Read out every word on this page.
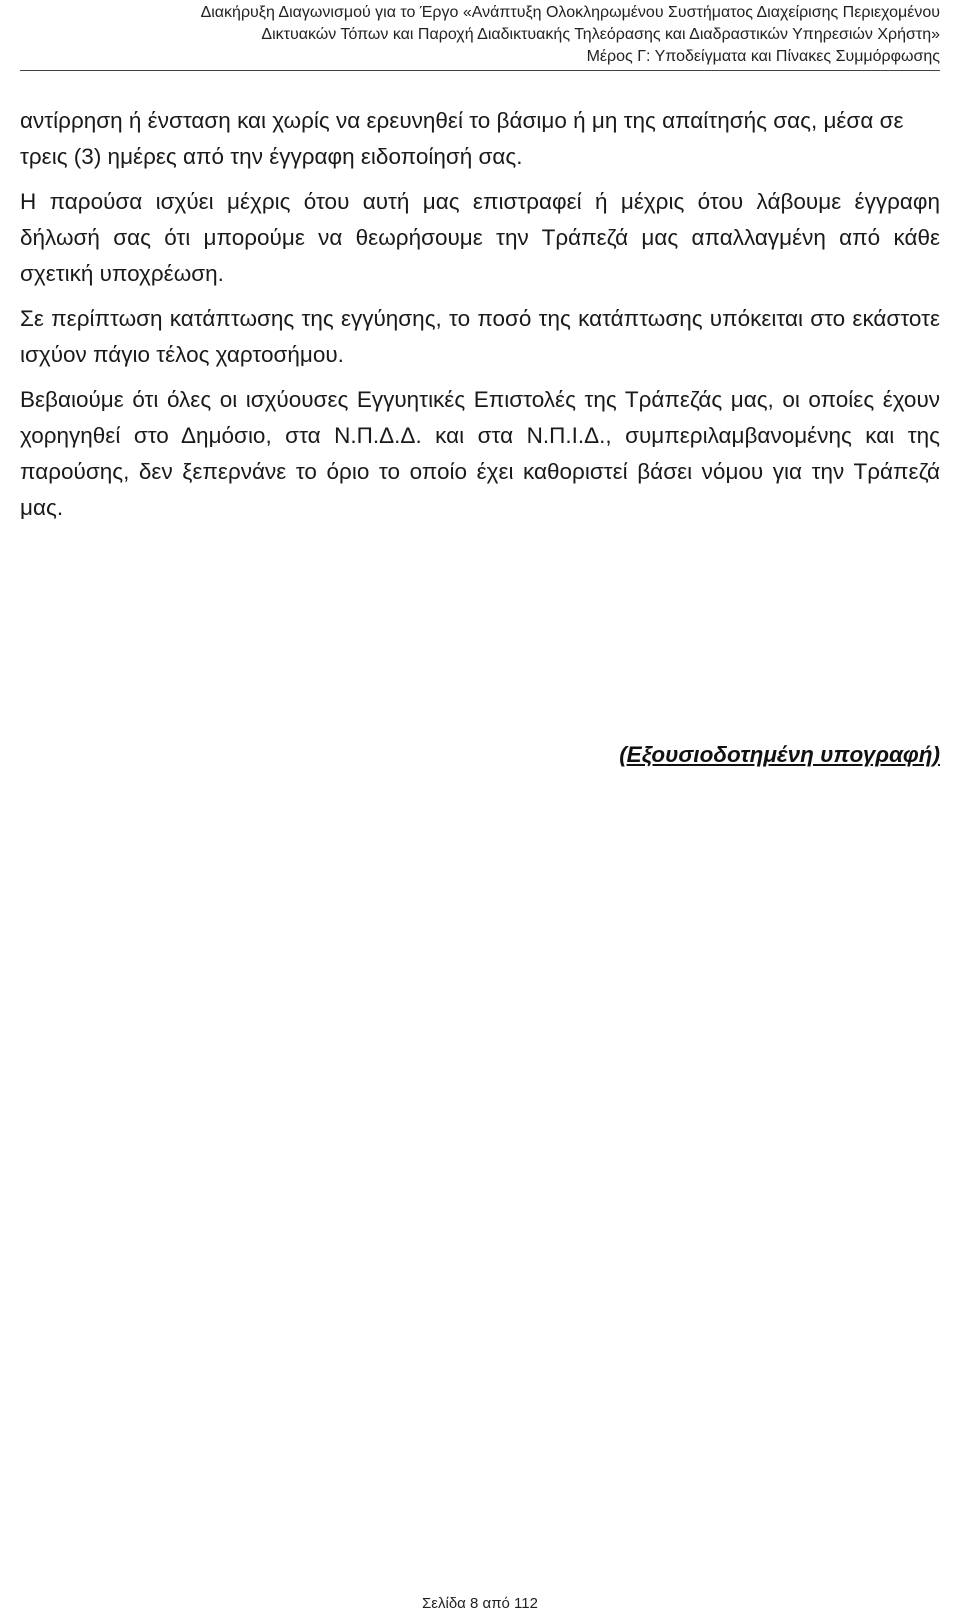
Διακήρυξη Διαγωνισμού για το Έργο «Ανάπτυξη Ολοκληρωμένου Συστήματος Διαχείρισης Περιεχομένου
Δικτυακών Τόπων και Παροχή Διαδικτυακής Τηλεόρασης και Διαδραστικών Υπηρεσιών Χρήστη»
Μέρος Γ: Υποδείγματα και Πίνακες Συμμόρφωσης

αντίρρηση ή ένσταση και χωρίς να ερευνηθεί το βάσιμο ή μη της απαίτησής σας, μέσα σε τρεις (3) ημέρες από την έγγραφη ειδοποίησή σας.

Η παρούσα ισχύει μέχρις ότου αυτή μας επιστραφεί ή μέχρις ότου λάβουμε έγγραφη δήλωσή σας ότι μπορούμε να θεωρήσουμε την Τράπεζά μας απαλλαγμένη από κάθε σχετική υποχρέωση.

Σε περίπτωση κατάπτωσης της εγγύησης, το ποσό της κατάπτωσης υπόκειται στο εκάστοτε ισχύον πάγιο τέλος χαρτοσήμου.

Βεβαιούμε ότι όλες οι ισχύουσες Εγγυητικές Επιστολές της Τράπεζάς μας, οι οποίες έχουν χορηγηθεί στο Δημόσιο, στα Ν.Π.Δ.Δ. και στα Ν.Π.Ι.Δ., συμπεριλαμβανομένης και της παρούσης, δεν ξεπερνάνε το όριο το οποίο έχει καθοριστεί βάσει νόμου για την Τράπεζά μας.

(Εξουσιοδοτημένη υπογραφή)
Σελίδα 8 από 112
